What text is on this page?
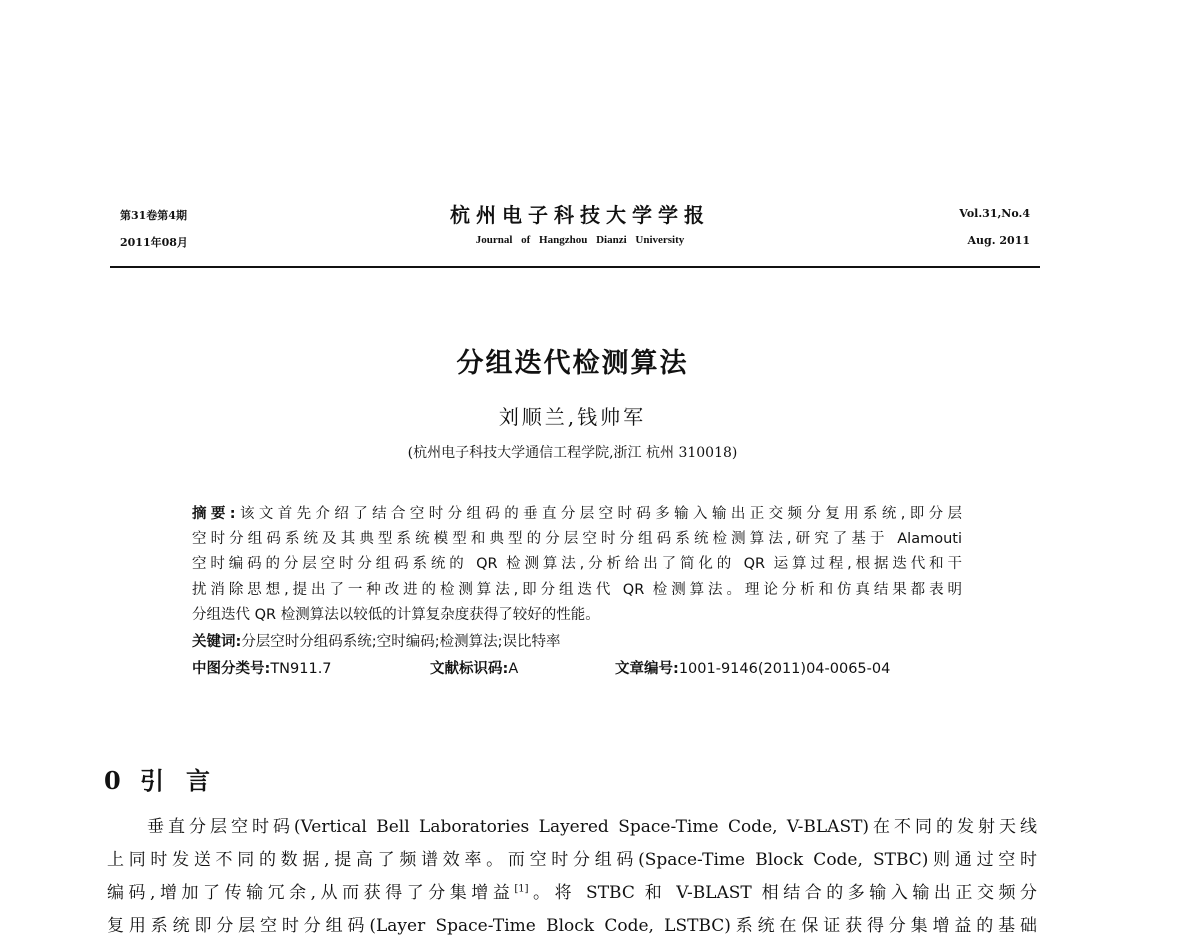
第31卷第4期
2011年08月
杭州电子科技大学学报
Journal of Hangzhou Dianzi University
Vol.31,No.4
Aug. 2011
分组迭代检测算法
刘顺兰,钱帅军
(杭州电子科技大学通信工程学院,浙江 杭州 310018)
摘要:该文首先介绍了结合空时分组码的垂直分层空时码多输入输出正交频分复用系统,即分层
空时分组码系统及其典型系统模型和典型的分层空时分组码系统检测算法,研究了基于 Alamouti
空时编码的分层空时分组码系统的 QR 检测算法,分析给出了简化的 QR 运算过程,根据迭代和干
扰消除思想,提出了一种改进的检测算法,即分组迭代 QR 检测算法。理论分析和仿真结果都表明
分组迭代 QR 检测算法以较低的计算复杂度获得了较好的性能。
关键词:分层空时分组码系统;空时编码;检测算法;误比特率
中图分类号:TN911.7	文献标识码:A	文章编号:1001-9146(2011)04-0065-04
0 引言
垂直分层空时码(Vertical Bell Laboratories Layered Space-Time Code, V-BLAST)在不同的发射天线
上同时发送不同的数据,提高了频谱效率。而空时分组码(Space-Time Block Code, STBC)则通过空时
编码,增加了传输冗余,从而获得了分集增益[1]。将 STBC 和 V-BLAST 相结合的多输入输出正交频分
复用系统即分层空时分组码(Layer Space-Time Block Code, LSTBC)系统在保证获得分集增益的基础
